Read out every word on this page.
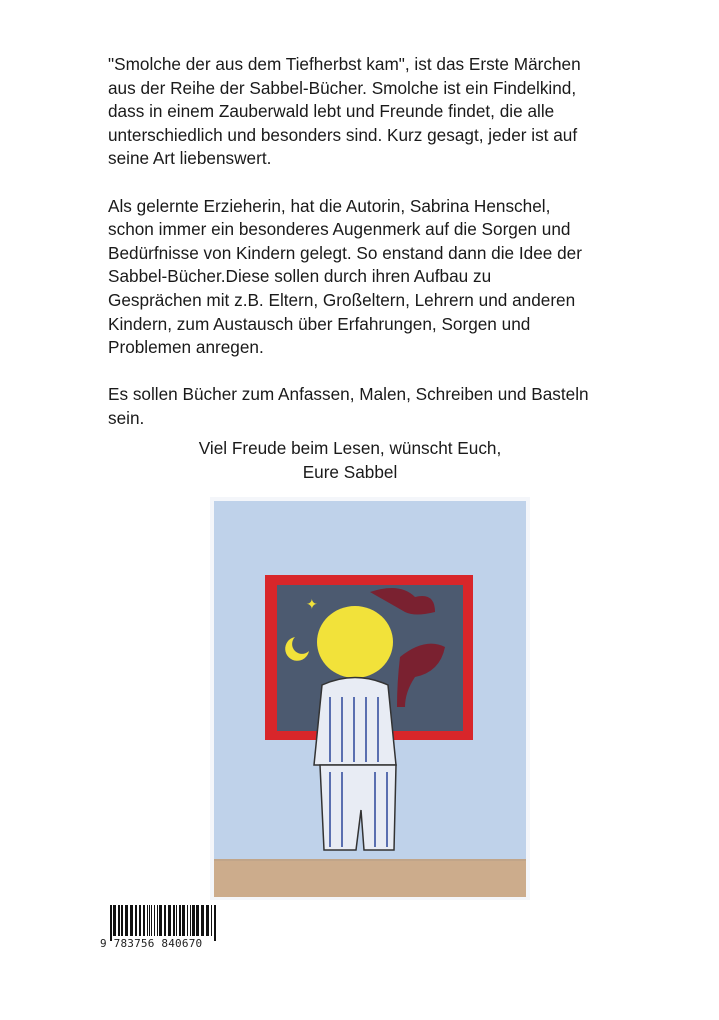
"Smolche der aus dem Tiefherbst kam", ist das Erste Märchen
aus der Reihe der Sabbel-Bücher. Smolche ist ein Findelkind,
dass in einem Zauberwald lebt und Freunde findet, die alle
unterschiedlich und besonders sind. Kurz gesagt, jeder ist auf
seine Art liebenswert.

Als gelernte Erzieherin, hat die Autorin, Sabrina Henschel,
schon immer ein besonderes Augenmerk auf die Sorgen und
Bedürfnisse von Kindern gelegt. So enstand dann die Idee der
Sabbel-Bücher.Diese sollen durch ihren Aufbau zu
Gesprächen mit z.B. Eltern, Großeltern, Lehrern und anderen
Kindern, zum Austausch über Erfahrungen, Sorgen und
Problemen anregen.

Es sollen Bücher zum Anfassen, Malen, Schreiben und Basteln
sein.

Viel Freude beim Lesen, wünscht Euch,
Eure Sabbel
✦
9 783756 840670
